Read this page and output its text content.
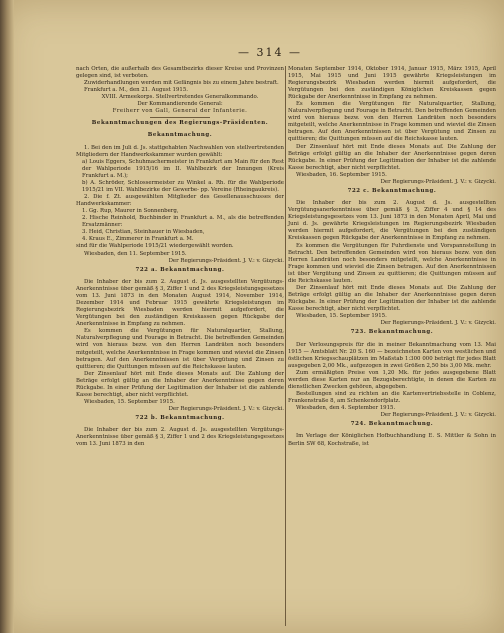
— 314 —

nach Orten, die außerhalb des Gesamtbezirks dieser Kreise und Provinzen gelegen sind, ist verboten.

Zuwiderhandlungen werden mit Gefängnis bis zu einem Jahre bestraft.

Frankfurt a. M., den 21. August 1915.

XVIII. Armeekorps. Stellvertretendes Generalkommando.

Der Kommandierende General:

Freiherr von Gall, General der Infanterie.

Bekanntmachungen des Regierungs-Präsidenten.

Bekanntmachung.

1. Bei den im Juli d. Js. stattgehabten Nachwahlen von stellvertretenden Mitgliedern der Handwerkskammer wurden gewählt:

a) Louis Eggers, Schuhmachermeister in Frankfurt am Main für den Rest der Wahlperiode 1915/16 im II. Wahlbezirk der Innungen (Kreis Frankfurt a. M.);

b) A. Schröder, Schlossermeister zu Winkel a. Rh. für die Wahlperiode 1915/21 im VII. Wahlbezirke der Gewerbe- pp. Vereine (Rheingaukreis).

2. Die f. Zt. ausgewählten Mitglieder des Gesellenausschusses der Handwerkskammer:

1. Gg. Rup, Maurer in Sonnenberg,

2. Hische Reinhold, Buchbinder in Frankfurt a. M., als die betreffenden Ersatzmänner:

3. Heid, Christian, Steinhauer in Wiesbaden,

4. Kraus E., Zimmerer in Frankfurt a. M.

sind für die Wahlperiode 1915/21 wiedergewählt worden.

Wiesbaden, den 11. September 1915.

Der Regierungs-Präsident. J. V.: v. Gizycki.

722 a. Bekanntmachung.

Die Inhaber der bis zum 2. August d. Js. ausgestellten Vergütungs-Anerkenntnisse über gemäß § 3, Ziffer 1 und 2 des Kriegsleistungsgesetzes vom 13. Juni 1873 in den Monaten August 1914, November 1914, Dezember 1914 und Februar 1915 gewährte Kriegsleistungen im Regierungsbezirk Wiesbaden werden hiermit aufgefordert, die Vergütungen bei den zuständigen Kreiskassen gegen Rückgabe der Anerkenntnisse in Empfang zu nehmen.

Es kommen die Vergütungen für Naturalquartier, Stallung, Naturalverpflegung und Fourage in Betracht. Die betreffenden Gemeinden wird von hieraus bezw. von den Herren Landräten noch besonders mitgeteilt, welche Anerkenntnisse in Frage kommen und wieviel die Zinsen betragen. Auf den Anerkenntnissen ist über Vergütung und Zinsen zu quittieren; die Quittungen müssen auf die Reichskasse lauten.

Der Zinsenlauf hört mit Ende dieses Monats auf. Die Zahlung der Beträge erfolgt gültig an die Inhaber der Anerkenntnisse gegen deren Rückgabe. In einer Prüfung der Legitimation der Inhaber ist die zahlende Kasse berechtigt, aber nicht verpflichtet.

Wiesbaden, 15. September 1915.

Der Regierungs-Präsident. J. V.: v. Gizycki.

722 b. Bekanntmachung.

Die Inhaber der bis zum 2. August d. Js. ausgestellten Vergütungs-Anerkenntnisse über gemäß § 3, Ziffer 1 und 2 des Kriegsleistungsgesetzes vom 13. Juni 1873 in den

Monaten September 1914, Oktober 1914, Januar 1915, März 1915, April 1915, Mai 1915 und Juni 1915 gewährte Kriegsleistungen im Regierungsbezirk Wiesbaden werden hiermit aufgefordert, die Vergütungen bei den zuständigen Königlichen Kreiskassen gegen Rückgabe der Anerkenntnisse in Empfang zu nehmen.

Es kommen die Vergütungen für Naturalquartier, Stallung, Naturalverpflegung und Fourage in Betracht. Den betreffenden Gemeinden wird von hieraus bezw. von den Herren Landräten noch besonders mitgeteilt, welche Anerkenntnisse in Frage kommen und wieviel die Zinsen betragen. Auf den Anerkenntnissen ist über Vergütung und Zinsen zu quittieren; die Quittungen müssen auf die Reichskasse lauten.

Der Zinsenlauf hört mit Ende dieses Monats auf. Die Zahlung der Beträge erfolgt gültig an die Inhaber der Anerkenntnisse gegen deren Rückgabe. In einer Prüfung der Legitimation der Inhaber ist die zahlende Kasse berechtigt, aber nicht verpflichtet.

Wiesbaden, 16. September 1915.

Der Regierungs-Präsident. J. V.: v. Gizycki.

722 c. Bekanntmachung.

Die Inhaber der bis zum 2. August d. Js. ausgestellten Vergütungsanerkenntnisse über gemäß § 3, Ziffer 4 und § 14 des Kriegsleistungsgesetzes vom 13. Juni 1873 in den Monaten April, Mai und Juni d. Js. gewährte Kriegsleistungen im Regierungsbezirk Wiesbaden werden hiermit aufgefordert, die Vergütungen bei den zuständigen Kreiskassen gegen Rückgabe der Anerkenntnisse in Empfang zu nehmen.

Es kommen die Vergütungen für Fuhrdienste und Vorspannstellung in Betracht. Den betreffenden Gemeinden wird von hieraus bezw. von den Herren Landräten noch besonders mitgeteilt, welche Anerkenntnisse in Frage kommen und wieviel die Zinsen betragen. Auf den Anerkenntnissen ist über Vergütung und Zinsen zu quittieren; die Quittungen müssen auf die Reichskasse lauten.

Der Zinsenlauf hört mit Ende dieses Monats auf. Die Zahlung der Beträge erfolgt gültig an die Inhaber der Anerkenntnisse gegen deren Rückgabe. In einer Prüfung der Legitimation der Inhaber ist die zahlende Kasse berechtigt, aber nicht verpflichtet.

Wiesbaden, 15. September 1915.

Der Regierungs-Präsident. J. V.: v. Gizycki.

723. Bekanntmachung.

Der Verlosungspreis für die in meiner Bekanntmachung vom 13. Mai 1915 — Amtsblatt Nr. 20 S. 160 — bezeichneten Karten von westlichen und östlichen Kriegsschauplätzen im Maßstab 1:300 000 beträgt für jedes Blatt ausgegeben 2,00 Mk., aufgezogen in zwei Größen 2,50 bis 3,00 Mk. mehr.

Zum ermäßigten Preise von 1,20 Mk. für jedes ausgegebene Blatt werden diese Karten nur an Bezugsberechtigte, in denen die Karten zu dienstlichen Zwecken gehören, abgegeben.

Bestellungen sind zu richten an die Kartenvertriebsstelle in Coblenz, Frankenstraße 8, am Schenkendorfplatz.

Wiesbaden, den 4. September 1915.

Der Regierungs-Präsident. J. V.: v. Gizycki.

724. Bekanntmachung.

Im Verlage der Königlichen Hofbuchhandlung E. S. Mittler & Sohn in Berlin SW 68, Kochstraße, ist
